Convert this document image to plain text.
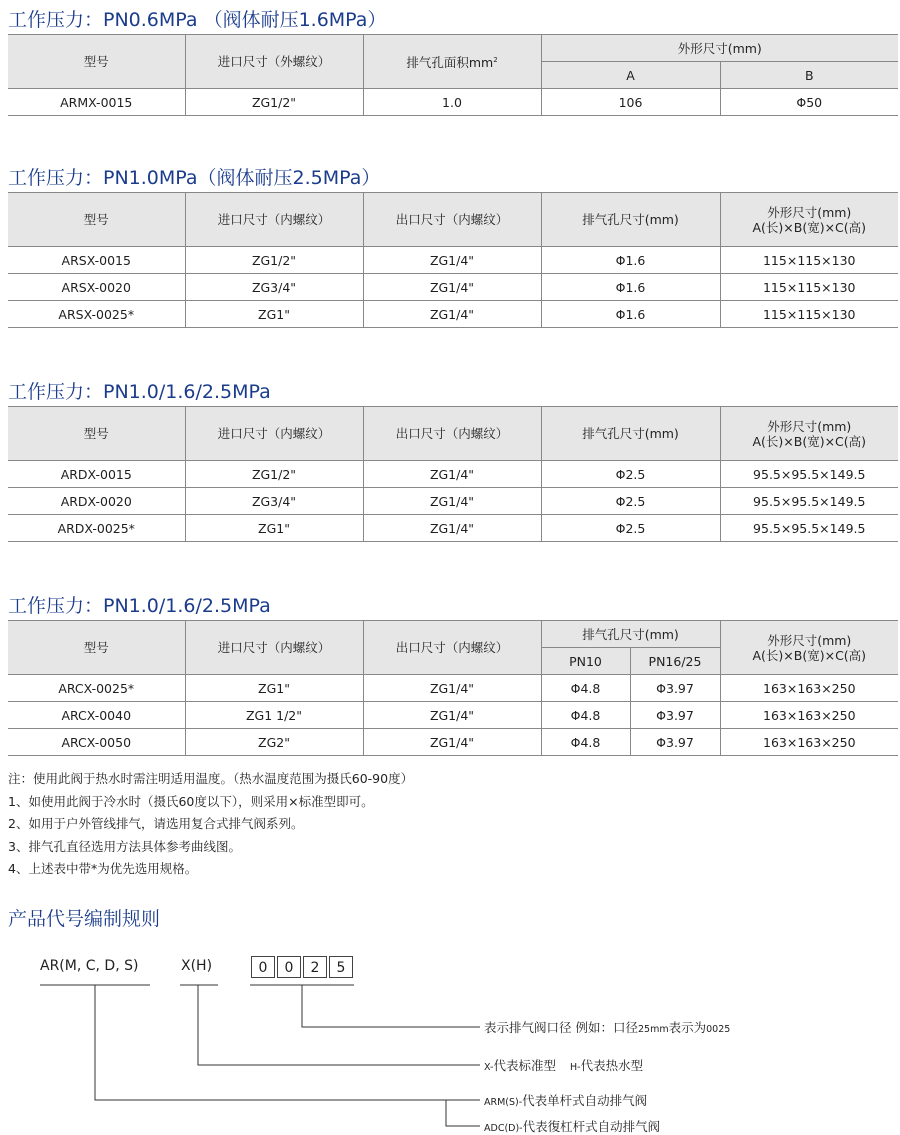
工作压力：PN0.6MPa （阀体耐压1.6MPa）
型号	进口尺寸（外螺纹）	排气孔面积$mm^2$	外形尺寸(mm)	
			A	B
ARMX-0015	ZG1/2"	1.0	106	Φ50
工作压力：PN1.0MPa（阀体耐压2.5MPa）
型号	进口尺寸（内螺纹）	出口尺寸（内螺纹）	排气孔尺寸(mm)	外形尺寸(mm)
A(长)×B(宽)×C(高)

ARSX-0015	ZG1/2"	ZG1/4"	Φ1.6	115×115×130
ARSX-0020	ZG3/4"	ZG1/4"	Φ1.6	115×115×130
ARSX-0025*	ZG1"	ZG1/4"	Φ1.6	115×115×130
工作压力：PN1.0/1.6/2.5MPa
型号	进口尺寸（内螺纹）	出口尺寸（内螺纹）	排气孔尺寸(mm)	外形尺寸(mm)
A(长)×B(宽)×C(高)

ARDX-0015	ZG1/2"	ZG1/4"	Φ2.5	95.5×95.5×149.5
ARDX-0020	ZG3/4"	ZG1/4"	Φ2.5	95.5×95.5×149.5
ARDX-0025*	ZG1"	ZG1/4"	Φ2.5	95.5×95.5×149.5
工作压力：PN1.0/1.6/2.5MPa
型号	进口尺寸（内螺纹）	出口尺寸（内螺纹）	排气孔尺寸(mm)		外形尺寸(mm)
A(长)×B(宽)×C(高)

			PN10	PN16/25	
ARCX-0025*	ZG1"	ZG1/4"	Φ4.8	Φ3.97	163×163×250
ARCX-0040	ZG1 1/2"	ZG1/4"	Φ4.8	Φ3.97	163×163×250
ARCX-0050	ZG2"	ZG1/4"	Φ4.8	Φ3.97	163×163×250
注：使用此阀于热水时需注明适用温度。（热水温度范围为摄氏60-90度）
1、如使用此阀于冷水时（摄氏60度以下），则采用×标准型即可。
2、如用于户外管线排气，请选用复合式排气阀系列。
3、排气孔直径选用方法具体参考曲线图。
4、上述表中带*为优先选用规格。
产品代号编制规则
AR(M, C, D, S)	X(H)	0	0	2	5
表示排气阀口径 例如：口径25mm表示为0025
X-代表标准型 H-代表热水型
ARM(S)-代表单杆式自动排气阀
ADC(D)-代表復杠杆式自动排气阀
